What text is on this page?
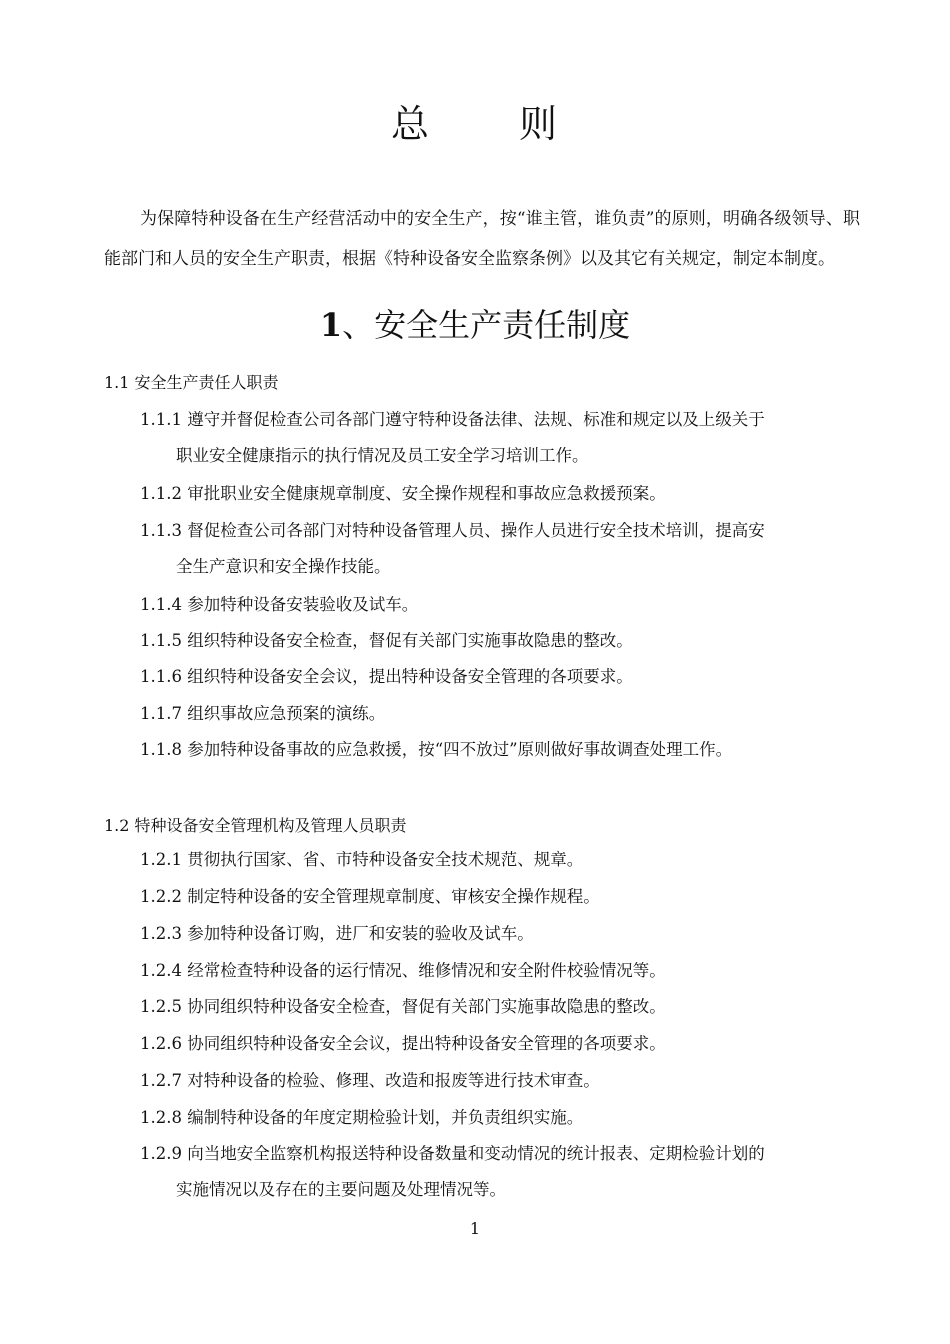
总 则

为保障特种设备在生产经营活动中的安全生产，按“谁主管，谁负责”的原则，明确各级领导、职能部门和人员的安全生产职责，根据《特种设备安全监察条例》以及其它有关规定，制定本制度。

1、安全生产责任制度
1.1 安全生产责任人职责
1.1.1 遵守并督促检查公司各部门遵守特种设备法律、法规、标准和规定以及上级关于
职业安全健康指示的执行情况及员工安全学习培训工作。
1.1.2 审批职业安全健康规章制度、安全操作规程和事故应急救援预案。
1.1.3 督促检查公司各部门对特种设备管理人员、操作人员进行安全技术培训，提高安
全生产意识和安全操作技能。
1.1.4 参加特种设备安装验收及试车。
1.1.5 组织特种设备安全检查，督促有关部门实施事故隐患的整改。
1.1.6 组织特种设备安全会议，提出特种设备安全管理的各项要求。
1.1.7 组织事故应急预案的演练。
1.1.8 参加特种设备事故的应急救援，按“四不放过”原则做好事故调查处理工作。
1.2 特种设备安全管理机构及管理人员职责
1.2.1 贯彻执行国家、省、市特种设备安全技术规范、规章。
1.2.2 制定特种设备的安全管理规章制度、审核安全操作规程。
1.2.3 参加特种设备订购，进厂和安装的验收及试车。
1.2.4 经常检查特种设备的运行情况、维修情况和安全附件校验情况等。
1.2.5 协同组织特种设备安全检查，督促有关部门实施事故隐患的整改。
1.2.6 协同组织特种设备安全会议，提出特种设备安全管理的各项要求。
1.2.7 对特种设备的检验、修理、改造和报废等进行技术审查。
1.2.8 编制特种设备的年度定期检验计划，并负责组织实施。
1.2.9 向当地安全监察机构报送特种设备数量和变动情况的统计报表、定期检验计划的
实施情况以及存在的主要问题及处理情况等。
1
